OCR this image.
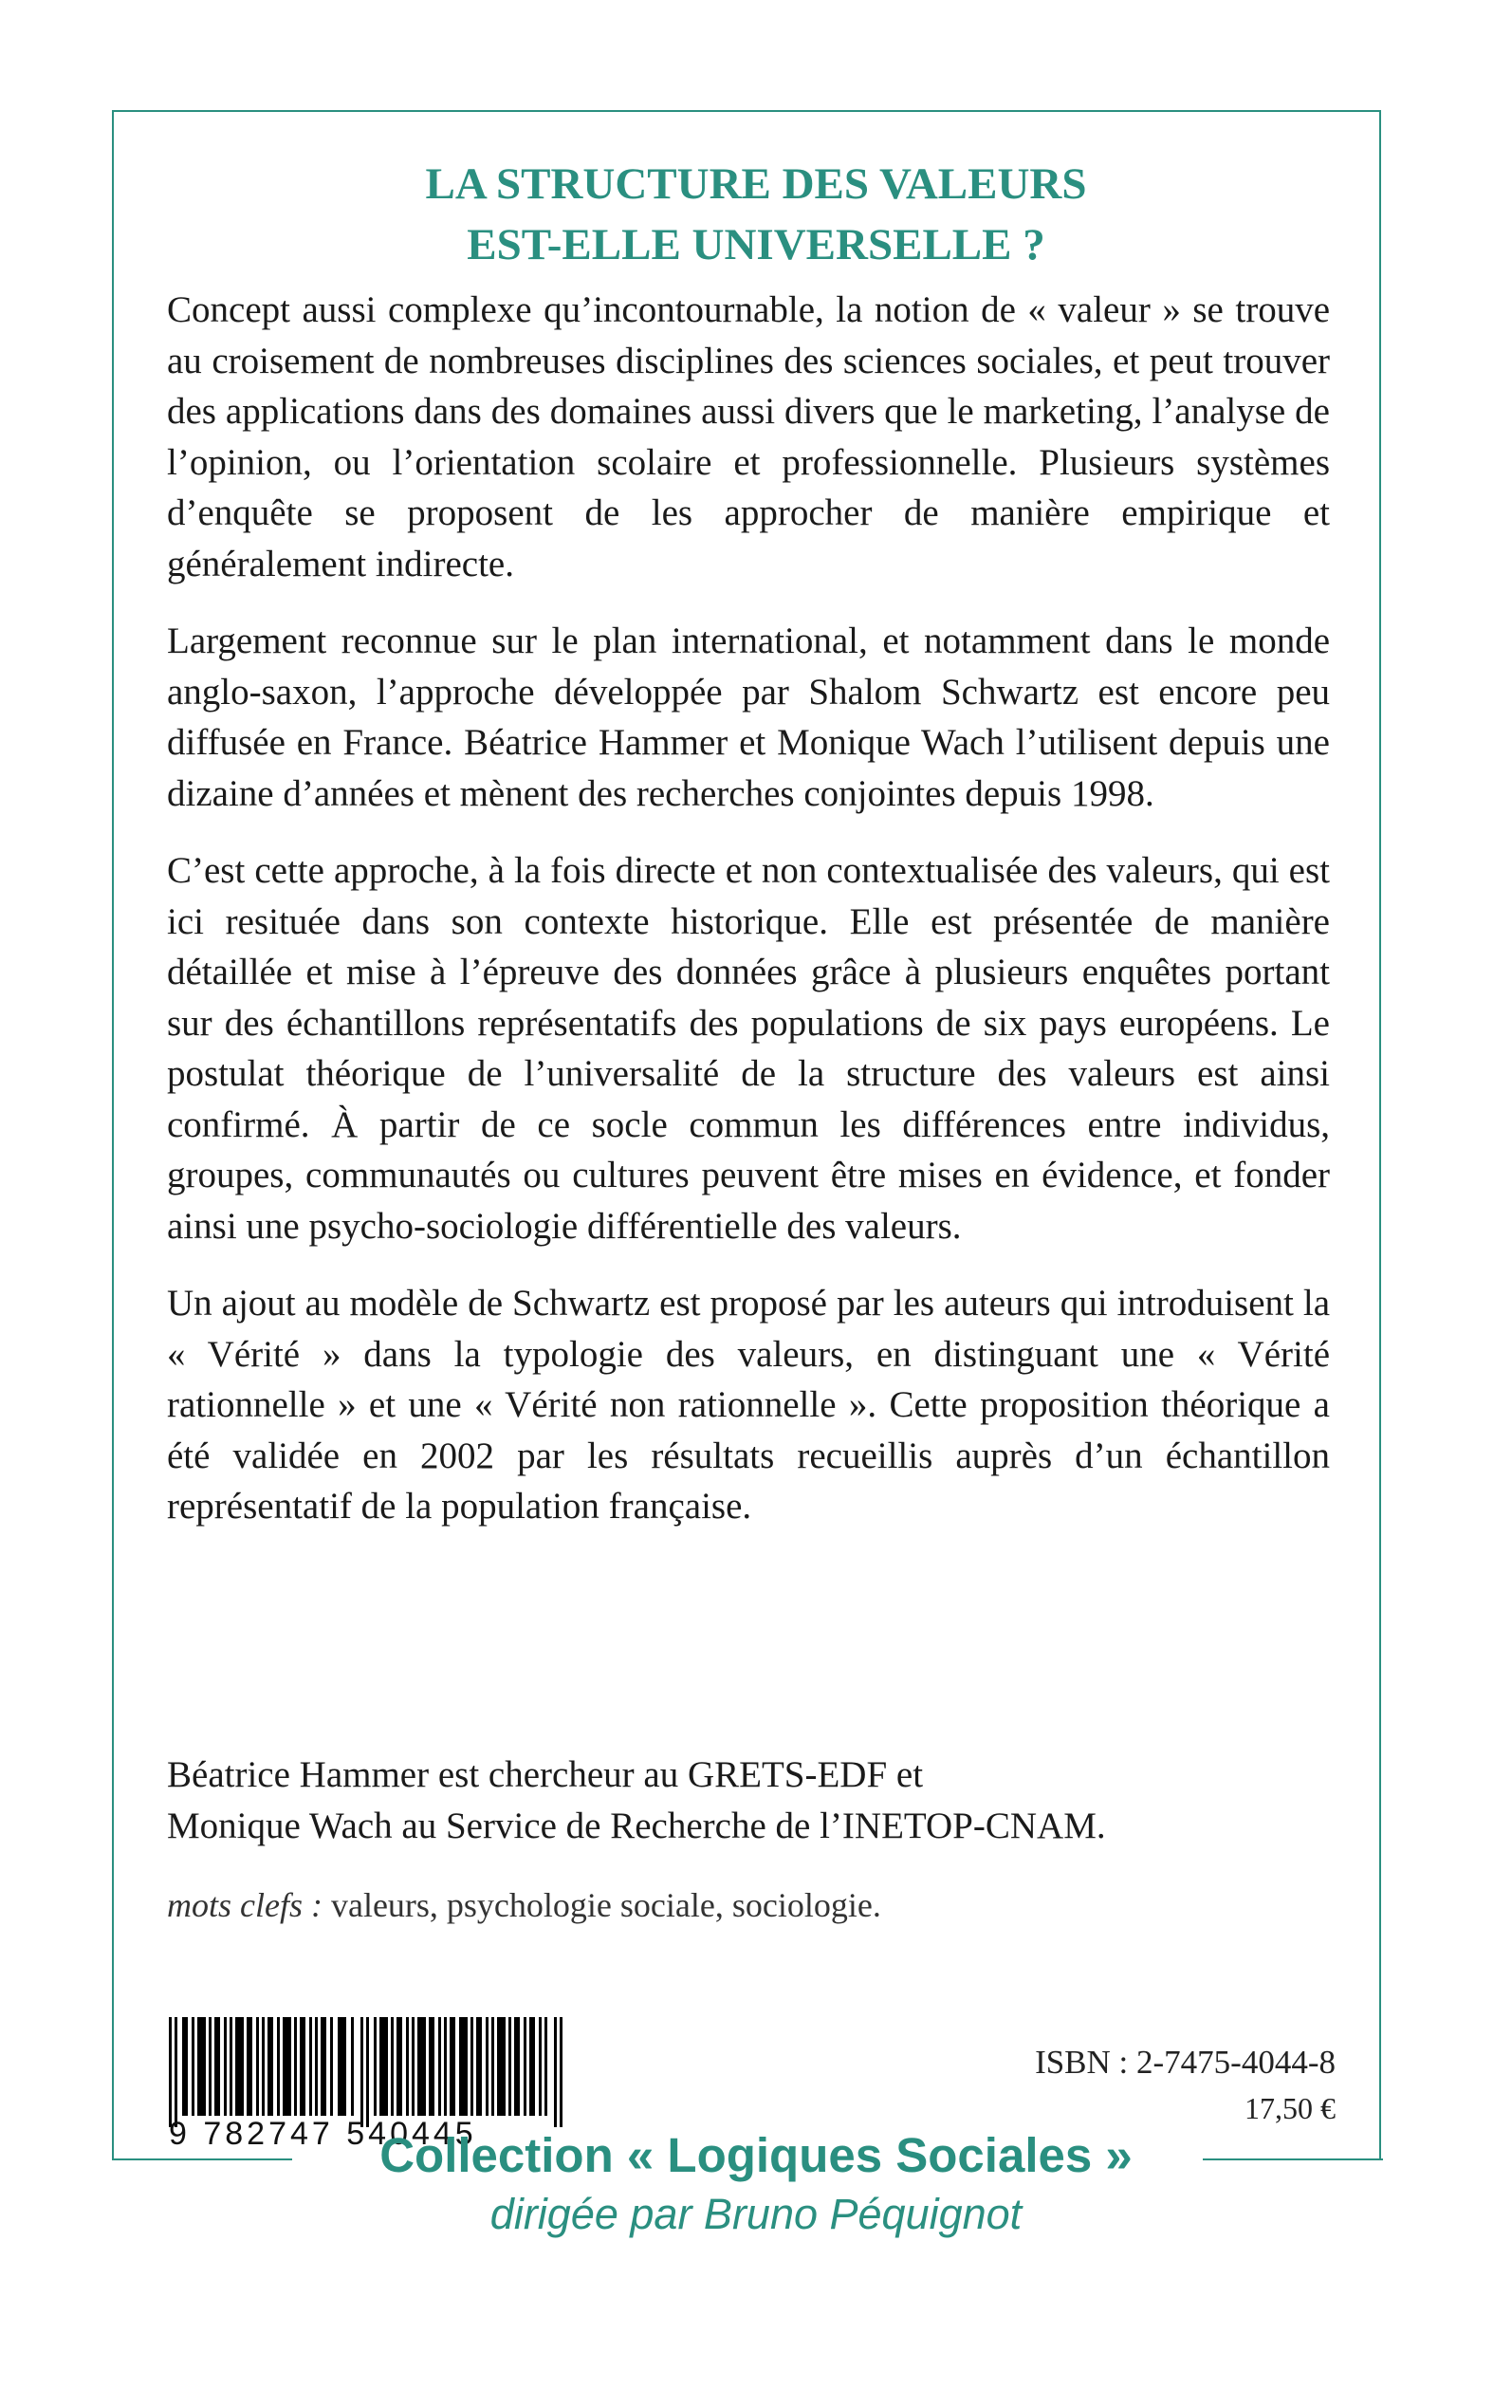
LA STRUCTURE DES VALEURS
EST-ELLE UNIVERSELLE ?

Concept aussi complexe qu’incontournable, la notion de « valeur » se trouve au croisement de nombreuses disciplines des sciences sociales, et peut trouver des applications dans des domaines aussi divers que le marketing, l’analyse de l’opinion, ou l’orientation scolaire et professionnelle. Plusieurs systèmes d’enquête se proposent de les approcher de manière empirique et généralement indirecte.

Largement reconnue sur le plan international, et notamment dans le monde anglo-saxon, l’approche développée par Shalom Schwartz est encore peu diffusée en France. Béatrice Hammer et Monique Wach l’utilisent depuis une dizaine d’années et mènent des recherches conjointes depuis 1998.

C’est cette approche, à la fois directe et non contextualisée des valeurs, qui est ici resituée dans son contexte historique. Elle est présentée de manière détaillée et mise à l’épreuve des données grâce à plusieurs enquêtes portant sur des échantillons représentatifs des populations de six pays européens. Le postulat théorique de l’universalité de la structure des valeurs est ainsi confirmé. À partir de ce socle commun les différences entre individus, groupes, communautés ou cultures peuvent être mises en évidence, et fonder ainsi une psycho-sociologie différentielle des valeurs.

Un ajout au modèle de Schwartz est proposé par les auteurs qui introduisent la « Vérité » dans la typologie des valeurs, en distinguant une « Vérité rationnelle » et une « Vérité non rationnelle ». Cette proposition théorique a été validée en 2002 par les résultats recueillis auprès d’un échantillon représentatif de la population française.

Béatrice Hammer est chercheur au GRETS-EDF et
Monique Wach au Service de Recherche de l’INETOP-CNAM.
mots clefs : valeurs, psychologie sociale, sociologie.
9 782747 540445
ISBN : 2-7475-4044-8
17,50 €
Collection « Logiques Sociales »
dirigée par Bruno Péquignot
